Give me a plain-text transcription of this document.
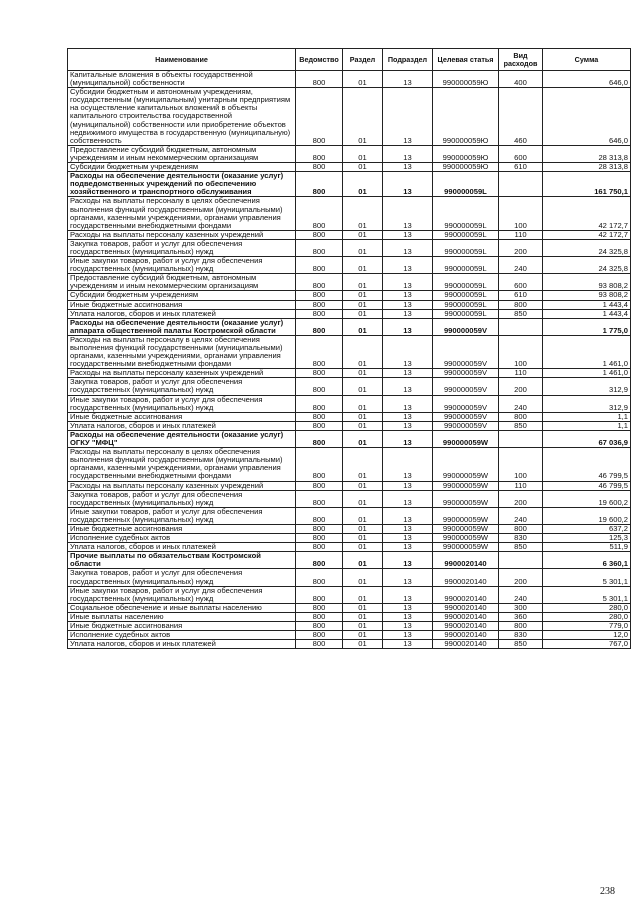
Наименование	Ведомство	Раздел	Подраздел	Целевая статья	Вид расходов	Сумма
Капитальные вложения в объекты государственной (муниципальной) собственности	800	01	13	990000059Ю	400	646,0
Субсидии бюджетным и автономным учреждениям, государственным (муниципальным) унитарным предприятиям на осуществление капитальных вложений в объекты капитального строительства государственной (муниципальной) собственности или приобретение объектов недвижимого имущества в государственную (муниципальную) собственность	800	01	13	990000059Ю	460	646,0
Предоставление субсидий бюджетным, автономным учреждениям и иным некоммерческим организациям	800	01	13	990000059Ю	600	28 313,8
Субсидии бюджетным учреждениям	800	01	13	990000059Ю	610	28 313,8
Расходы на обеспечение деятельности (оказание услуг) подведомственных учреждений по обеспечению хозяйственного и транспортного обслуживания	800	01	13	990000059L		161 750,1
Расходы на выплаты персоналу в целях обеспечения выполнения функций государственными (муниципальными) органами, казенными учреждениями, органами управления государственными внебюджетными фондами	800	01	13	990000059L	100	42 172,7
Расходы на выплаты персоналу казенных учреждений	800	01	13	990000059L	110	42 172,7
Закупка товаров, работ и услуг для обеспечения государственных (муниципальных) нужд	800	01	13	990000059L	200	24 325,8
Иные закупки товаров, работ и услуг для обеспечения государственных (муниципальных) нужд	800	01	13	990000059L	240	24 325,8
Предоставление субсидий бюджетным, автономным учреждениям и иным некоммерческим организациям	800	01	13	990000059L	600	93 808,2
Субсидии бюджетным учреждениям	800	01	13	990000059L	610	93 808,2
Иные бюджетные ассигнования	800	01	13	990000059L	800	1 443,4
Уплата налогов, сборов и иных платежей	800	01	13	990000059L	850	1 443,4
Расходы на обеспечение деятельности (оказание услуг) аппарата общественной палаты Костромской области	800	01	13	990000059V		1 775,0
Расходы на выплаты персоналу в целях обеспечения выполнения функций государственными (муниципальными) органами, казенными учреждениями, органами управления государственными внебюджетными фондами	800	01	13	990000059V	100	1 461,0
Расходы на выплаты персоналу казенных учреждений	800	01	13	990000059V	110	1 461,0
Закупка товаров, работ и услуг для обеспечения государственных (муниципальных) нужд	800	01	13	990000059V	200	312,9
Иные закупки товаров, работ и услуг для обеспечения государственных (муниципальных) нужд	800	01	13	990000059V	240	312,9
Иные бюджетные ассигнования	800	01	13	990000059V	800	1,1
Уплата налогов, сборов и иных платежей	800	01	13	990000059V	850	1,1
Расходы на обеспечение деятельности (оказание услуг) ОГКУ "МФЦ"	800	01	13	990000059W		67 036,9
Расходы на выплаты персоналу в целях обеспечения выполнения функций государственными (муниципальными) органами, казенными учреждениями, органами управления государственными внебюджетными фондами	800	01	13	990000059W	100	46 799,5
Расходы на выплаты персоналу казенных учреждений	800	01	13	990000059W	110	46 799,5
Закупка товаров, работ и услуг для обеспечения государственных (муниципальных) нужд	800	01	13	990000059W	200	19 600,2
Иные закупки товаров, работ и услуг для обеспечения государственных (муниципальных) нужд	800	01	13	990000059W	240	19 600,2
Иные бюджетные ассигнования	800	01	13	990000059W	800	637,2
Исполнение судебных актов	800	01	13	990000059W	830	125,3
Уплата налогов, сборов и иных платежей	800	01	13	990000059W	850	511,9
Прочие выплаты по обязательствам Костромской области	800	01	13	9900020140		6 360,1
Закупка товаров, работ и услуг для обеспечения государственных (муниципальных) нужд	800	01	13	9900020140	200	5 301,1
Иные закупки товаров, работ и услуг для обеспечения государственных (муниципальных) нужд	800	01	13	9900020140	240	5 301,1
Социальное обеспечение и иные выплаты населению	800	01	13	9900020140	300	280,0
Иные выплаты населению	800	01	13	9900020140	360	280,0
Иные бюджетные ассигнования	800	01	13	9900020140	800	779,0
Исполнение судебных актов	800	01	13	9900020140	830	12,0
Уплата налогов, сборов и иных платежей	800	01	13	9900020140	850	767,0
238
